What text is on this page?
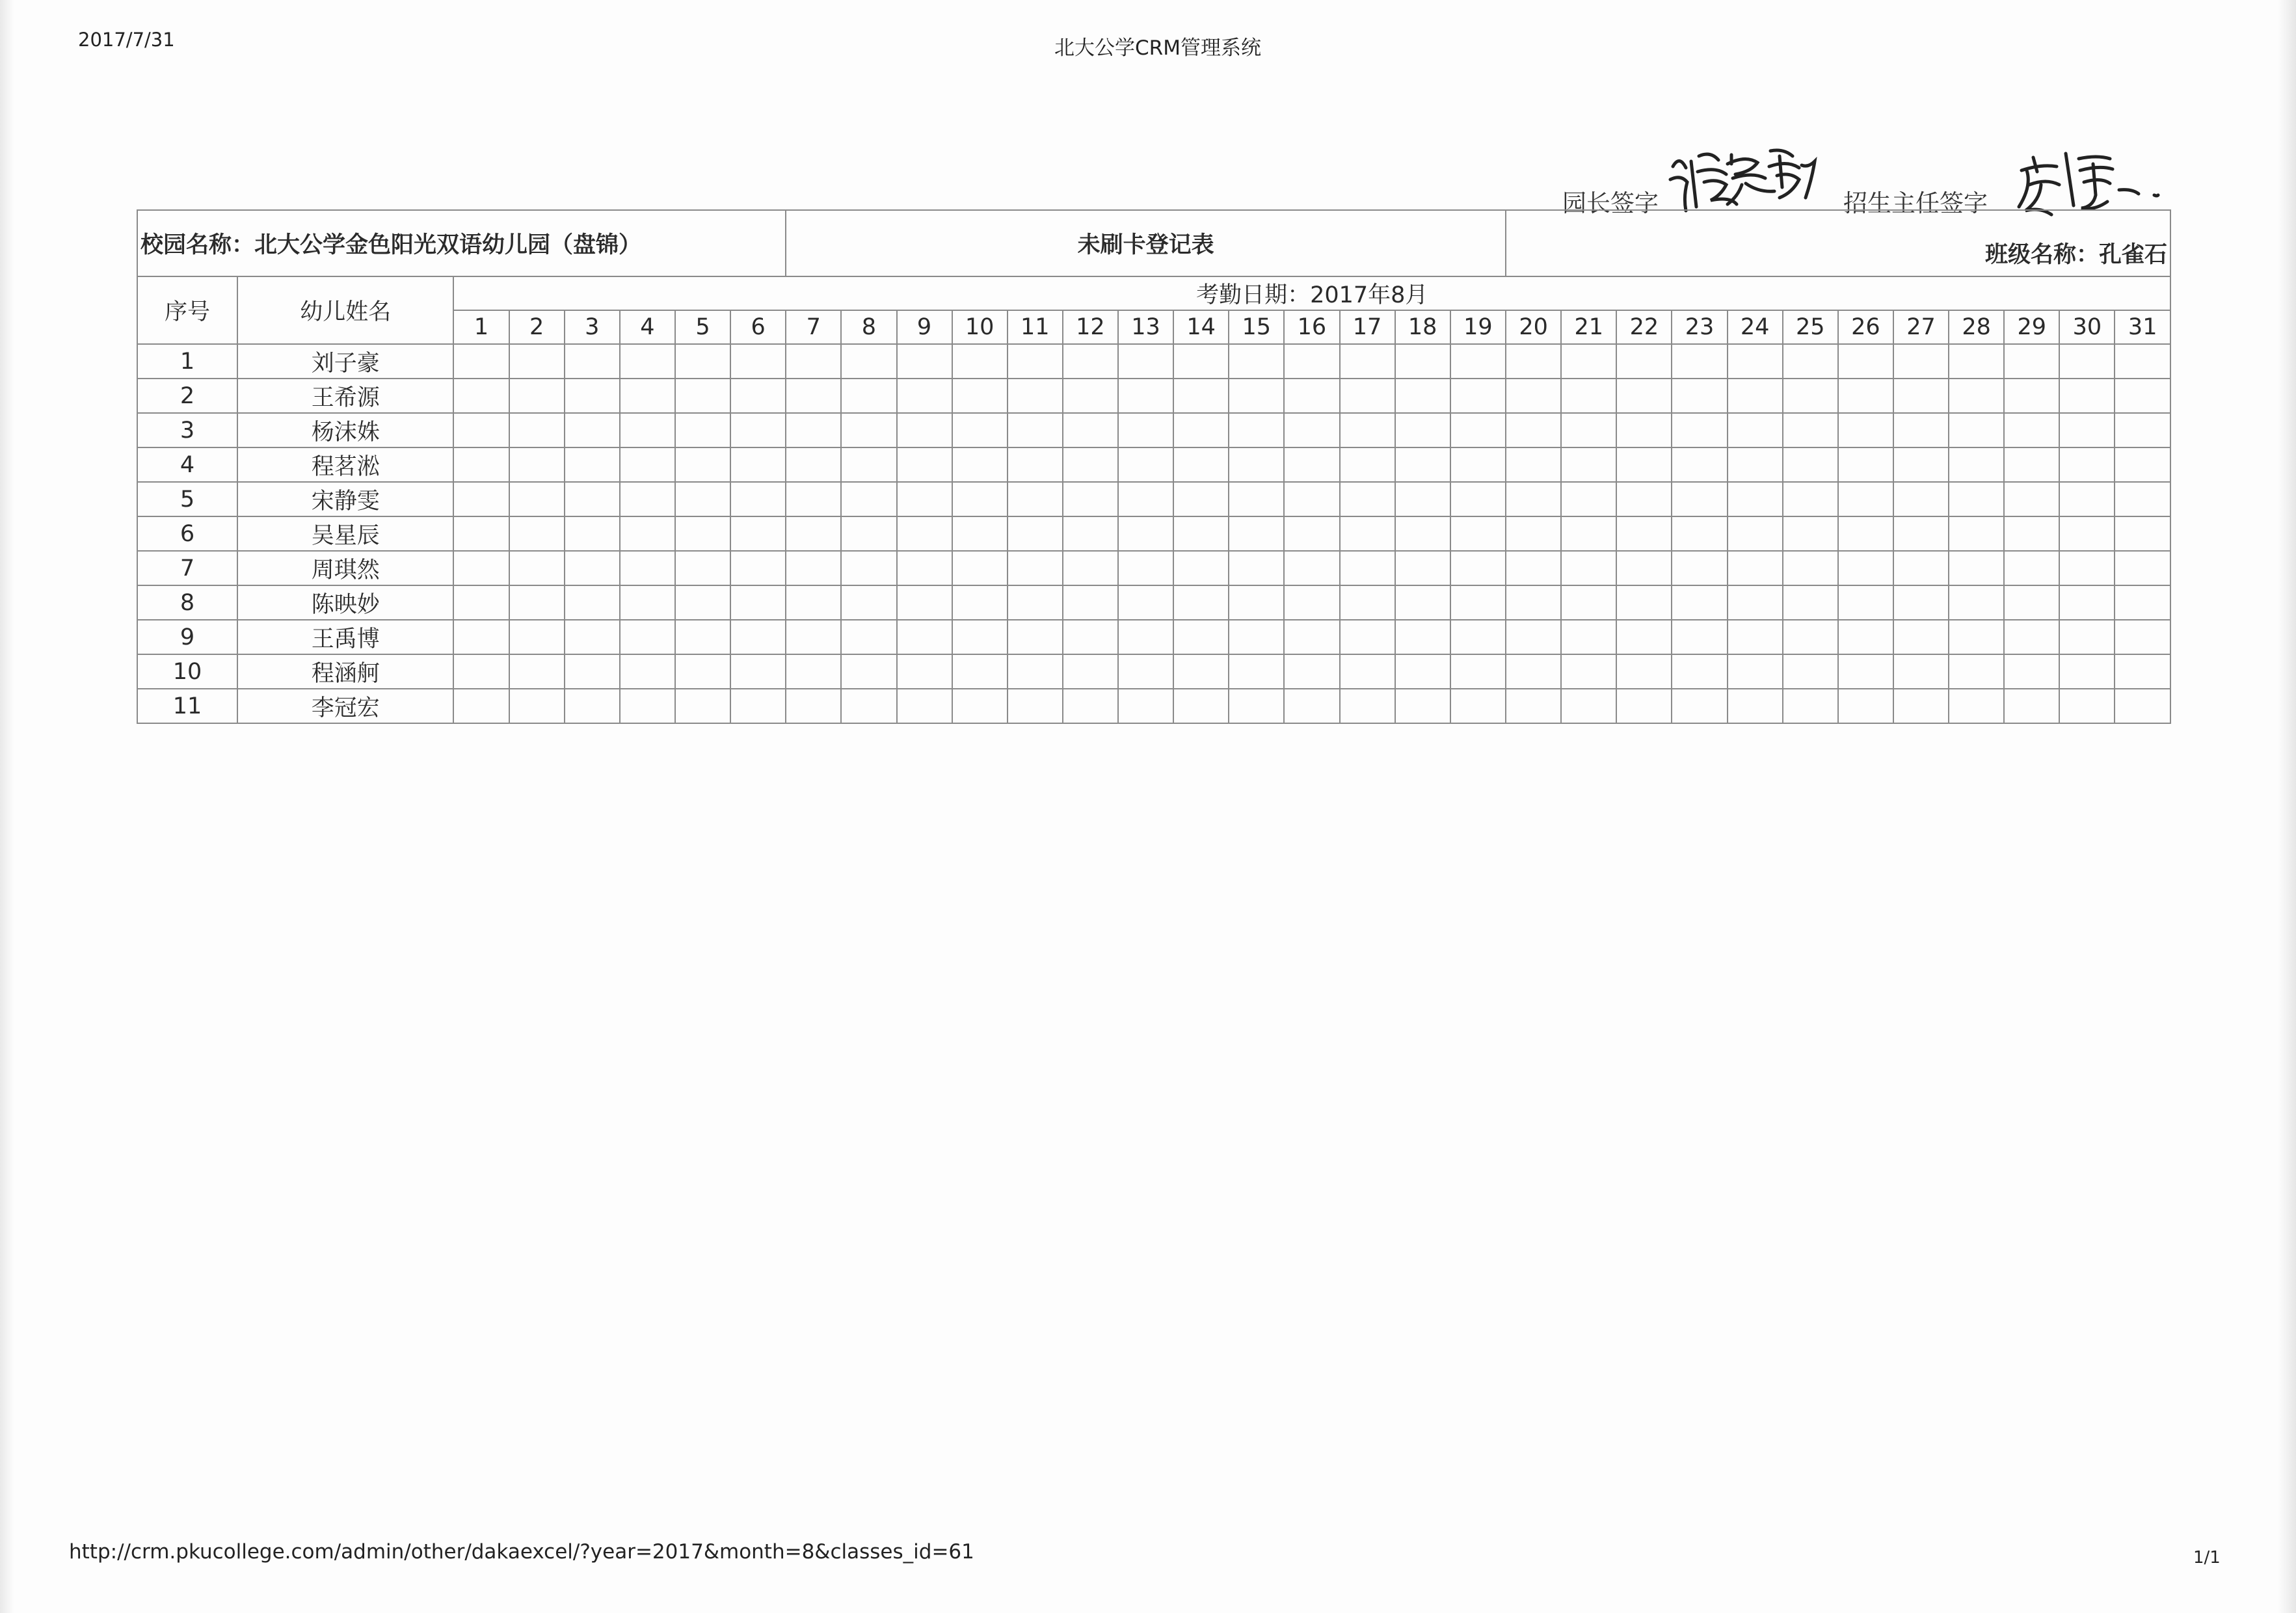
2017/7/31	北大公学CRM管理系统
园长签字	招生主任签字
校园名称：北大公学金色阳光双语幼儿园（盘锦）								未刷卡登记表													班级名称：孔雀石											
序号	幼儿姓名	考勤日期：2017年8月																														
		1	2	3	4	5	6	7	8	9	10	11	12	13	14	15	16	17	18	19	20	21	22	23	24	25	26	27	28	29	30	31
1	刘子豪																															
2	王希源																															
3	杨沫姝																															
4	程茗淞																															
5	宋静雯																															
6	吴星辰																															
7	周琪然																															
8	陈映妙																															
9	王禹博																															
10	程涵舸																															
11	李冠宏																															
http://crm.pkucollege.com/admin/other/dakaexcel/?year=2017&month=8&classes_id=61	1/1
